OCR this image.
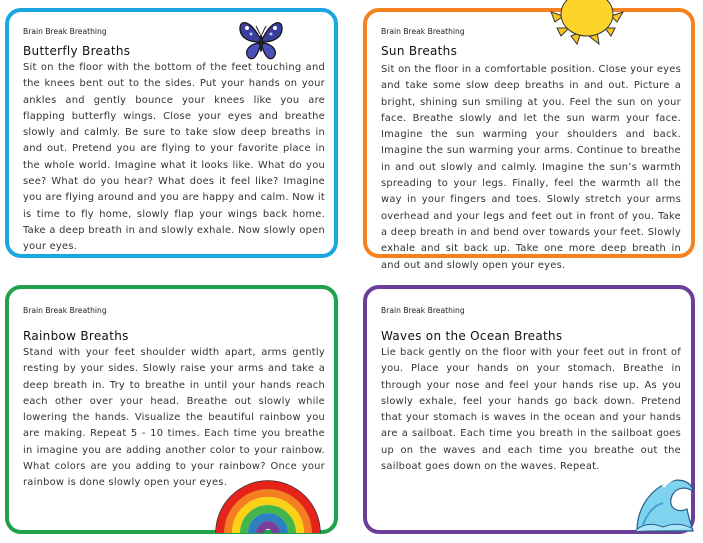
Brain Break Breathing
Butterfly Breaths
Sit on the floor with the bottom of the feet touching and the knees bent out to the sides. Put your hands on your ankles and gently bounce your knees like you are flapping butterfly wings. Close your eyes and breathe slowly and calmly. Be sure to take slow deep breaths in and out. Pretend you are flying to your favorite place in the whole world. Imagine what it looks like. What do you see? What do you hear? What does it feel like? Imagine you are flying around and you are happy and calm. Now it is time to fly home, slowly flap your wings back home. Take a deep breath in and slowly exhale. Now slowly open your eyes.
Brain Break Breathing
Sun Breaths
Sit on the floor in a comfortable position. Close your eyes and take some slow deep breaths in and out. Picture a bright, shining sun smiling at you. Feel the sun on your face. Breathe slowly and let the sun warm your face. Imagine the sun warming your shoulders and back. Imagine the sun warming your arms. Continue to breathe in and out slowly and calmly. Imagine the sun’s warmth spreading to your legs. Finally, feel the warmth all the way in your fingers and toes. Slowly stretch your arms overhead and your legs and feet out in front of you. Take a deep breath in and bend over towards your feet. Slowly exhale and sit back up. Take one more deep breath in and out and slowly open your eyes.
Brain Break Breathing
Rainbow Breaths
Stand with your feet shoulder width apart, arms gently resting by your sides. Slowly raise your arms and take a deep breath in. Try to breathe in until your hands reach each other over your head. Breathe out slowly while lowering the hands. Visualize the beautiful rainbow you are making. Repeat 5 - 10 times. Each time you breathe in imagine you are adding another color to your rainbow. What colors are you adding to your rainbow? Once your rainbow is done slowly open your eyes.
Brain Break Breathing
Waves on the Ocean Breaths
Lie back gently on the floor with your feet out in front of you. Place your hands on your stomach. Breathe in through your nose and feel your hands rise up. As you slowly exhale, feel your hands go back down. Pretend that your stomach is waves in the ocean and your hands are a sailboat. Each time you breath in the sailboat goes up on the waves and each time you breathe out the sailboat goes down on the waves. Repeat.
